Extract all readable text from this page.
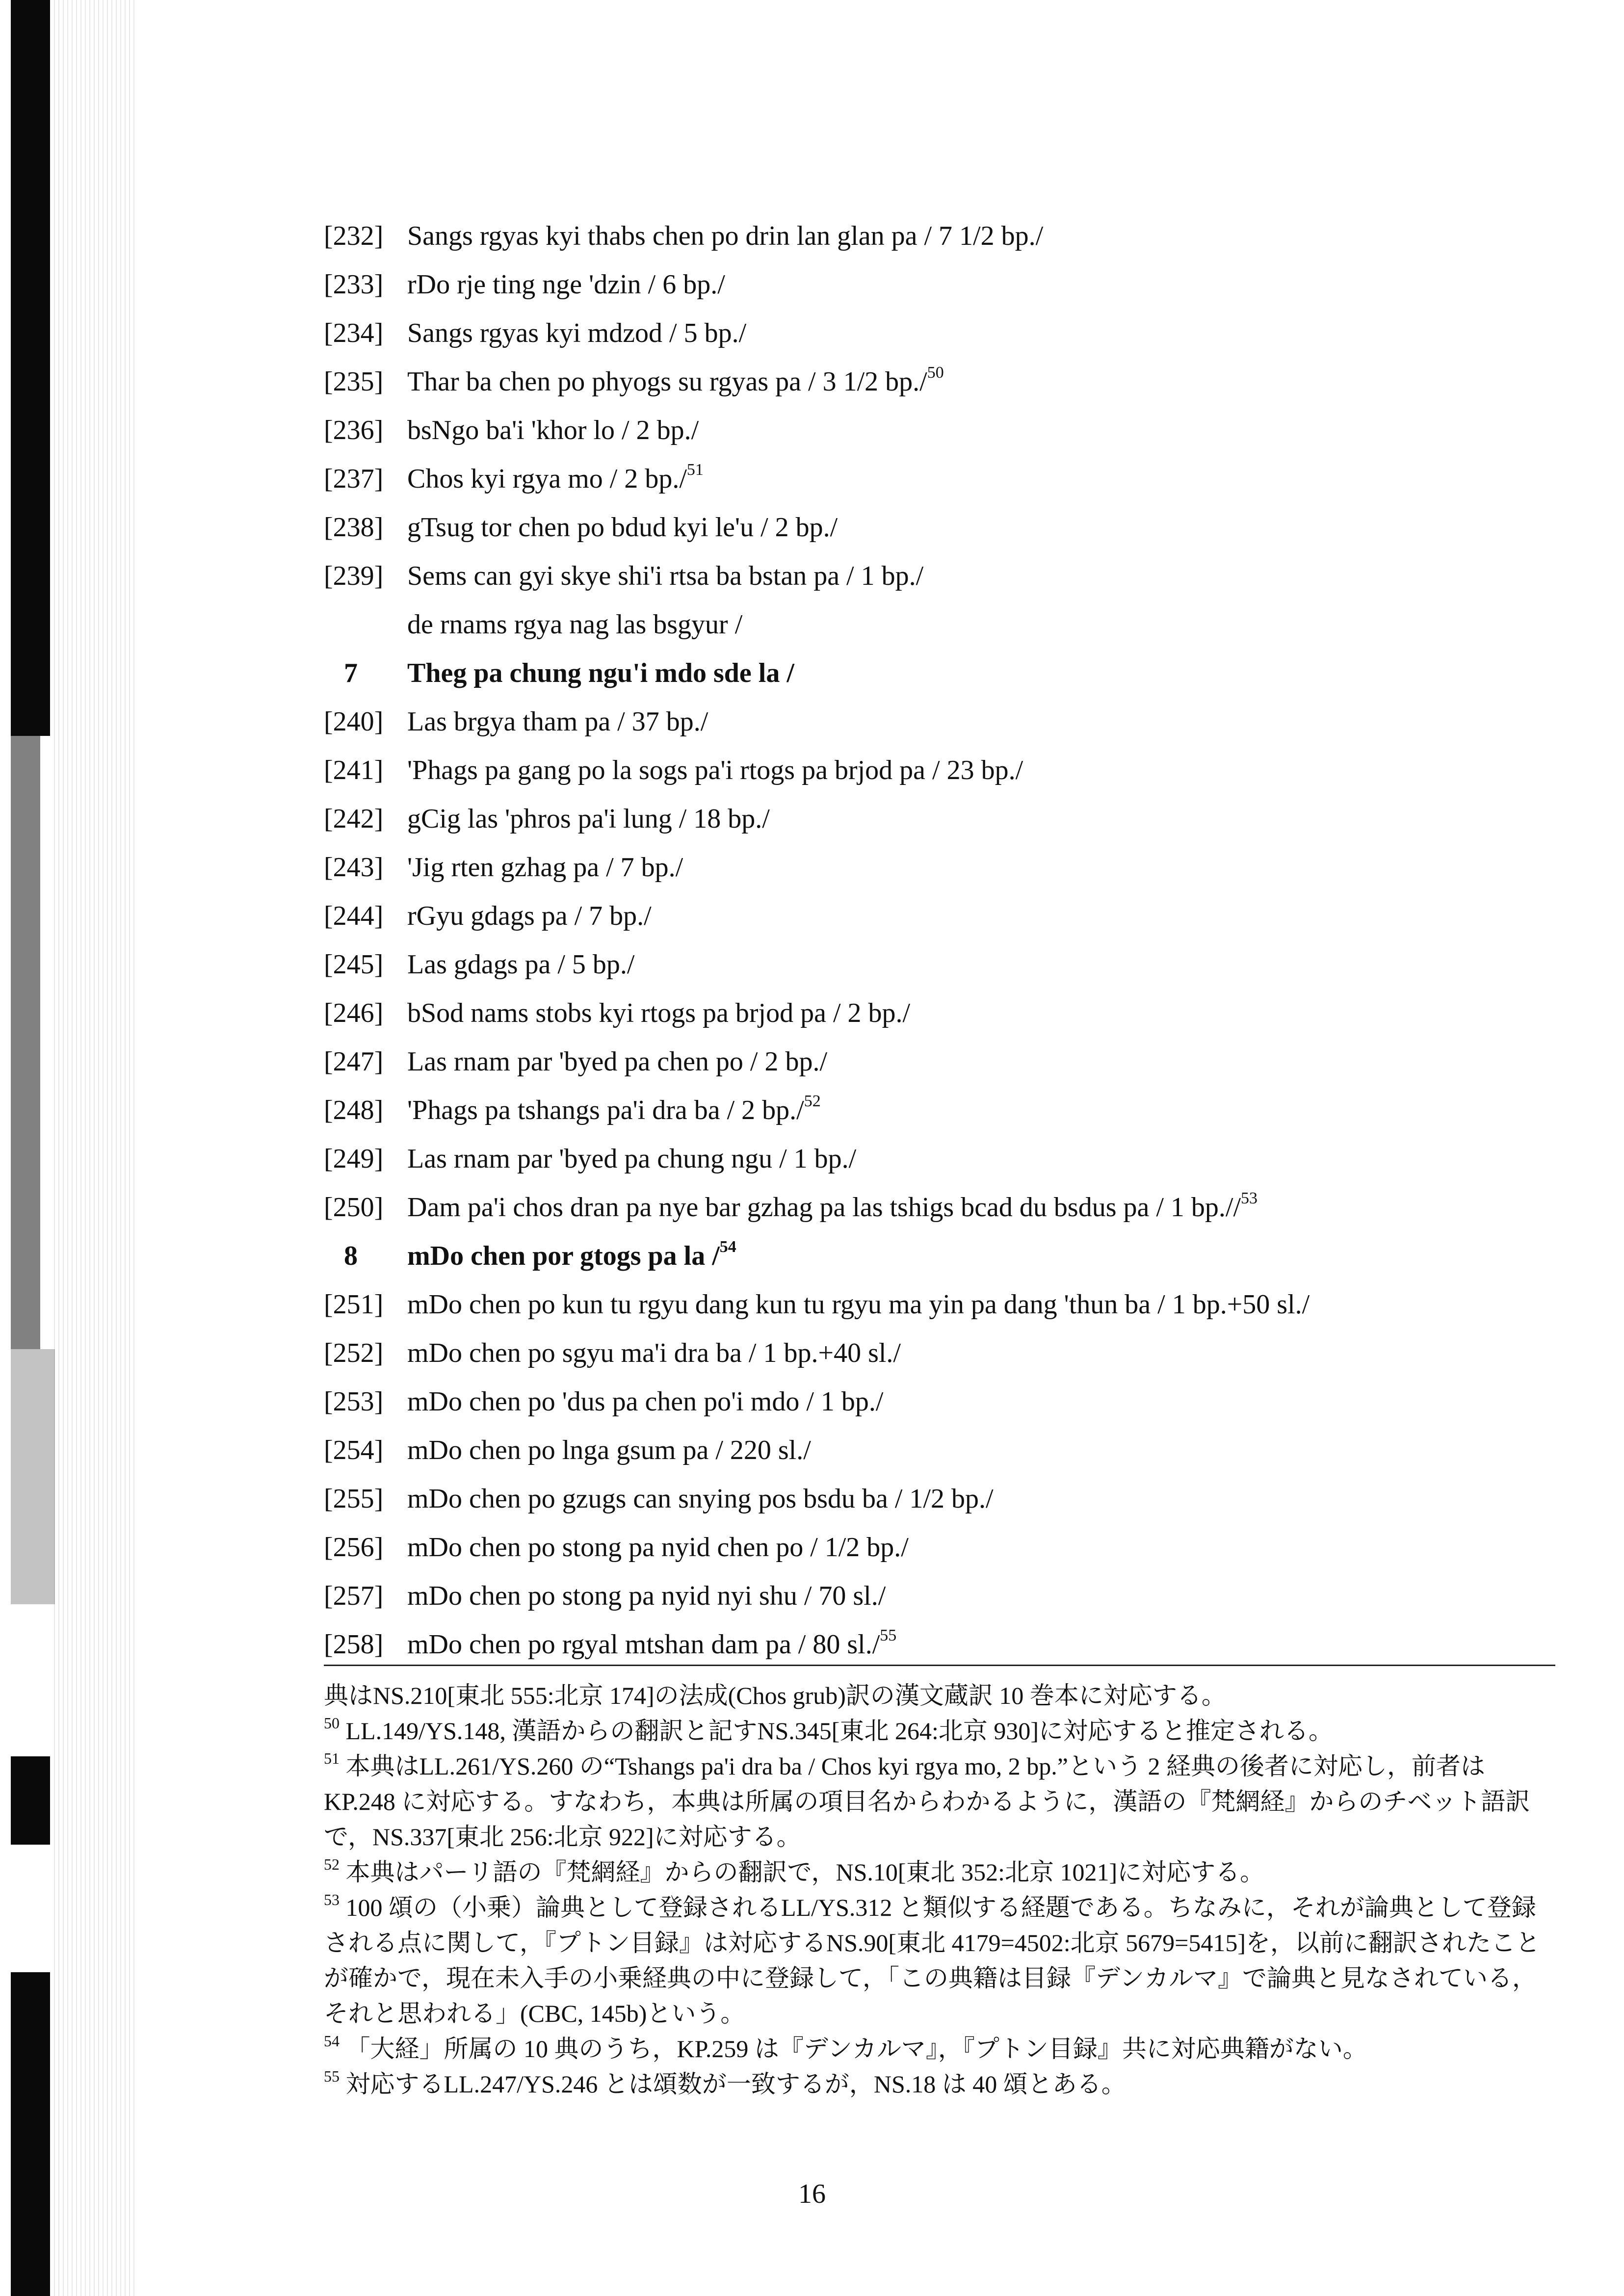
[232] Sangs rgyas kyi thabs chen po drin lan glan pa / 7 1/2 bp./
[233] rDo rje ting nge 'dzin / 6 bp./
[234] Sangs rgyas kyi mdzod / 5 bp./
[235] Thar ba chen po phyogs su rgyas pa / 3 1/2 bp./$^{50}$
[236] bsNgo ba'i 'khor lo / 2 bp./
[237] Chos kyi rgya mo / 2 bp./$^{51}$
[238] gTsug tor chen po bdud kyi le'u / 2 bp./
[239] Sems can gyi skye shi'i rtsa ba bstan pa / 1 bp./
de rnams rgya nag las bsgyur /
7	Theg pa chung ngu'i mdo sde la /
[240] Las brgya tham pa / 37 bp./
[241] 'Phags pa gang po la sogs pa'i rtogs pa brjod pa / 23 bp./
[242] gCig las 'phros pa'i lung / 18 bp./
[243] 'Jig rten gzhag pa / 7 bp./
[244] rGyu gdags pa / 7 bp./
[245] Las gdags pa / 5 bp./
[246] bSod nams stobs kyi rtogs pa brjod pa / 2 bp./
[247] Las rnam par 'byed pa chen po / 2 bp./
[248] 'Phags pa tshangs pa'i dra ba / 2 bp./$^{52}$
[249] Las rnam par 'byed pa chung ngu / 1 bp./
[250] Dam pa'i chos dran pa nye bar gzhag pa las tshigs bcad du bsdus pa / 1 bp.//$^{53}$
8	mDo chen por gtogs pa la /$^{54}$
[251] mDo chen po kun tu rgyu dang kun tu rgyu ma yin pa dang 'thun ba / 1 bp.+50 sl./
[252] mDo chen po sgyu ma'i dra ba / 1 bp.+40 sl./
[253] mDo chen po 'dus pa chen po'i mdo / 1 bp./
[254] mDo chen po lnga gsum pa / 220 sl./
[255] mDo chen po gzugs can snying pos bsdu ba / 1/2 bp./
[256] mDo chen po stong pa nyid chen po / 1/2 bp./
[257] mDo chen po stong pa nyid nyi shu / 70 sl./
[258] mDo chen po rgyal mtshan dam pa / 80 sl./$^{55}$

典はNS.210[東北 555:北京 174]の法成(Chos grub)訳の漢文蔵訳 10 巻本に対応する。

$^{50}$ LL.149/YS.148, 漢語からの翻訳と記すNS.345[東北 264:北京 930]に対応すると推定される。

$^{51}$ 本典はLL.261/YS.260 の“Tshangs pa'i dra ba / Chos kyi rgya mo, 2 bp.”という 2 経典の後者に対応し，前者はKP.248 に対応する。すなわち，本典は所属の項目名からわかるように，漢語の『梵網経』からのチベット語訳で，NS.337[東北 256:北京 922]に対応する。

$^{52}$ 本典はパーリ語の『梵網経』からの翻訳で，NS.10[東北 352:北京 1021]に対応する。

$^{53}$ 100 頌の（小乗）論典として登録されるLL/YS.312 と類似する経題である。ちなみに，それが論典として登録される点に関して，『プトン目録』は対応するNS.90[東北 4179=4502:北京 5679=5415]を，以前に翻訳されたことが確かで，現在未入手の小乗経典の中に登録して，「この典籍は目録『デンカルマ』で論典と見なされている，それと思われる」(CBC, 145b)という。

$^{54}$ 「大経」所属の 10 典のうち，KP.259 は『デンカルマ』，『プトン目録』共に対応典籍がない。

$^{55}$ 対応するLL.247/YS.246 とは頌数が一致するが，NS.18 は 40 頌とある。

16
